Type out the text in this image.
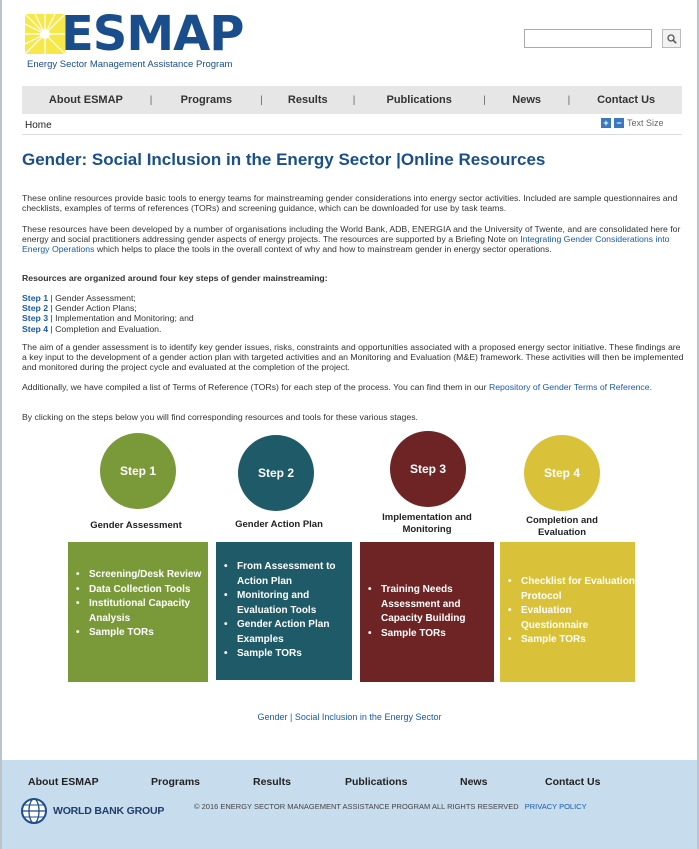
ESMAP
Energy Sector Management Assistance Program
About ESMAP	|	Programs	|	Results	|	Publications	|	News	|	Contact Us
Home	+ − Text Size
Gender: Social Inclusion in the Energy Sector |Online Resources

These online resources provide basic tools to energy teams for mainstreaming gender considerations into energy sector activities. Included are sample questionnaires and checklists, examples of terms of references (TORs) and screening guidance, which can be downloaded for use by task teams.

These resources have been developed by a number of organisations including the World Bank, ADB, ENERGIA and the University of Twente, and are consolidated here for energy and social practitioners addressing gender aspects of energy projects. The resources are supported by a Briefing Note on Integrating Gender Considerations into Energy Operations which helps to place the tools in the overall context of why and how to mainstream gender in energy sector operations.

Resources are organized around four key steps of gender mainstreaming:

Step 1 | Gender Assessment;
Step 2 | Gender Action Plans;
Step 3 | Implementation and Monitoring; and
Step 4 | Completion and Evaluation.

The aim of a gender assessment is to identify key gender issues, risks, constraints and opportunities associated with a proposed energy sector initiative. These findings are a key input to the development of a gender action plan with targeted activities and an Monitoring and Evaluation (M&E) framework. These activities will then be implemented and monitored during the project cycle and evaluated at the completion of the project.

Additionally, we have compiled a list of Terms of Reference (TORs) for each step of the process. You can find them in our Repository of Gender Terms of Reference.

By clicking on the steps below you will find corresponding resources and tools for these various stages.

Step 1	Step 2	Step 3	Step 4
Gender Assessment	Gender Action Plan
Implementation and Monitoring
Completion and Evaluation
• Screening/Desk Review
• Data Collection Tools
• Institutional Capacity Analysis
• Sample TORs
• From Assessment to Action Plan
• Monitoring and Evaluation Tools
• Gender Action Plan Examples
• Sample TORs
• Training Needs Assessment and Capacity Building
• Sample TORs
• Checklist for Evaluation Protocol
• Evaluation Questionnaire
• Sample TORs
Gender | Social Inclusion in the Energy Sector
About ESMAP	Programs	Results	Publications	News	Contact Us
WORLD BANK GROUP	© 2016 ENERGY SECTOR MANAGEMENT ASSISTANCE PROGRAM ALL RIGHTS RESERVED PRIVACY POLICY
